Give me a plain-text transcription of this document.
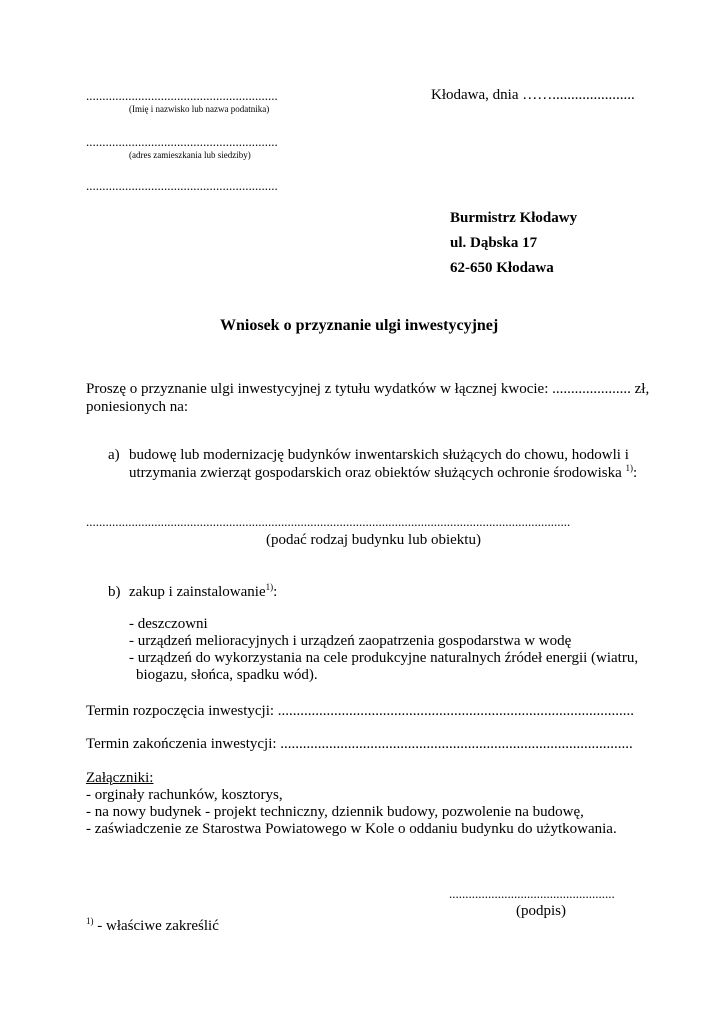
...........................................................
(Imię i nazwisko lub nazwa podatnika)
...........................................................
(adres zamieszkania lub siedziby)
...........................................................
Kłodawa, dnia ……......................
Burmistrz Kłodawy
ul. Dąbska 17
62-650 Kłodawa
Wniosek o przyznanie ulgi inwestycyjnej
Proszę o przyznanie ulgi inwestycyjnej z tytułu wydatków w łącznej kwocie: ..................... zł,
poniesionych na:
a) budowę lub modernizację budynków inwentarskich służących do chowu, hodowli i
utrzymania zwierząt gospodarskich oraz obiektów służących ochronie środowiska $^{1)}$:
.....................................................................................................................................................
(podać rodzaj budynku lub obiektu)
b) zakup i zainstalowanie$^{1)}$:
- deszczowni
- urządzeń melioracyjnych i urządzeń zaopatrzenia gospodarstwa w wodę
- urządzeń do wykorzystania na cele produkcyjne naturalnych źródeł energii (wiatru,
biogazu, słońca, spadku wód).
Termin rozpoczęcia inwestycji: ...............................................................................................
Termin zakończenia inwestycji: ..............................................................................................
Załączniki:
- orginały rachunków, kosztorys,
- na nowy budynek - projekt techniczny, dziennik budowy, pozwolenie na budowę,
- zaświadczenie ze Starostwa Powiatowego w Kole o oddaniu budynku do użytkowania.
...................................................
(podpis)
$^{1)}$ - właściwe zakreślić
